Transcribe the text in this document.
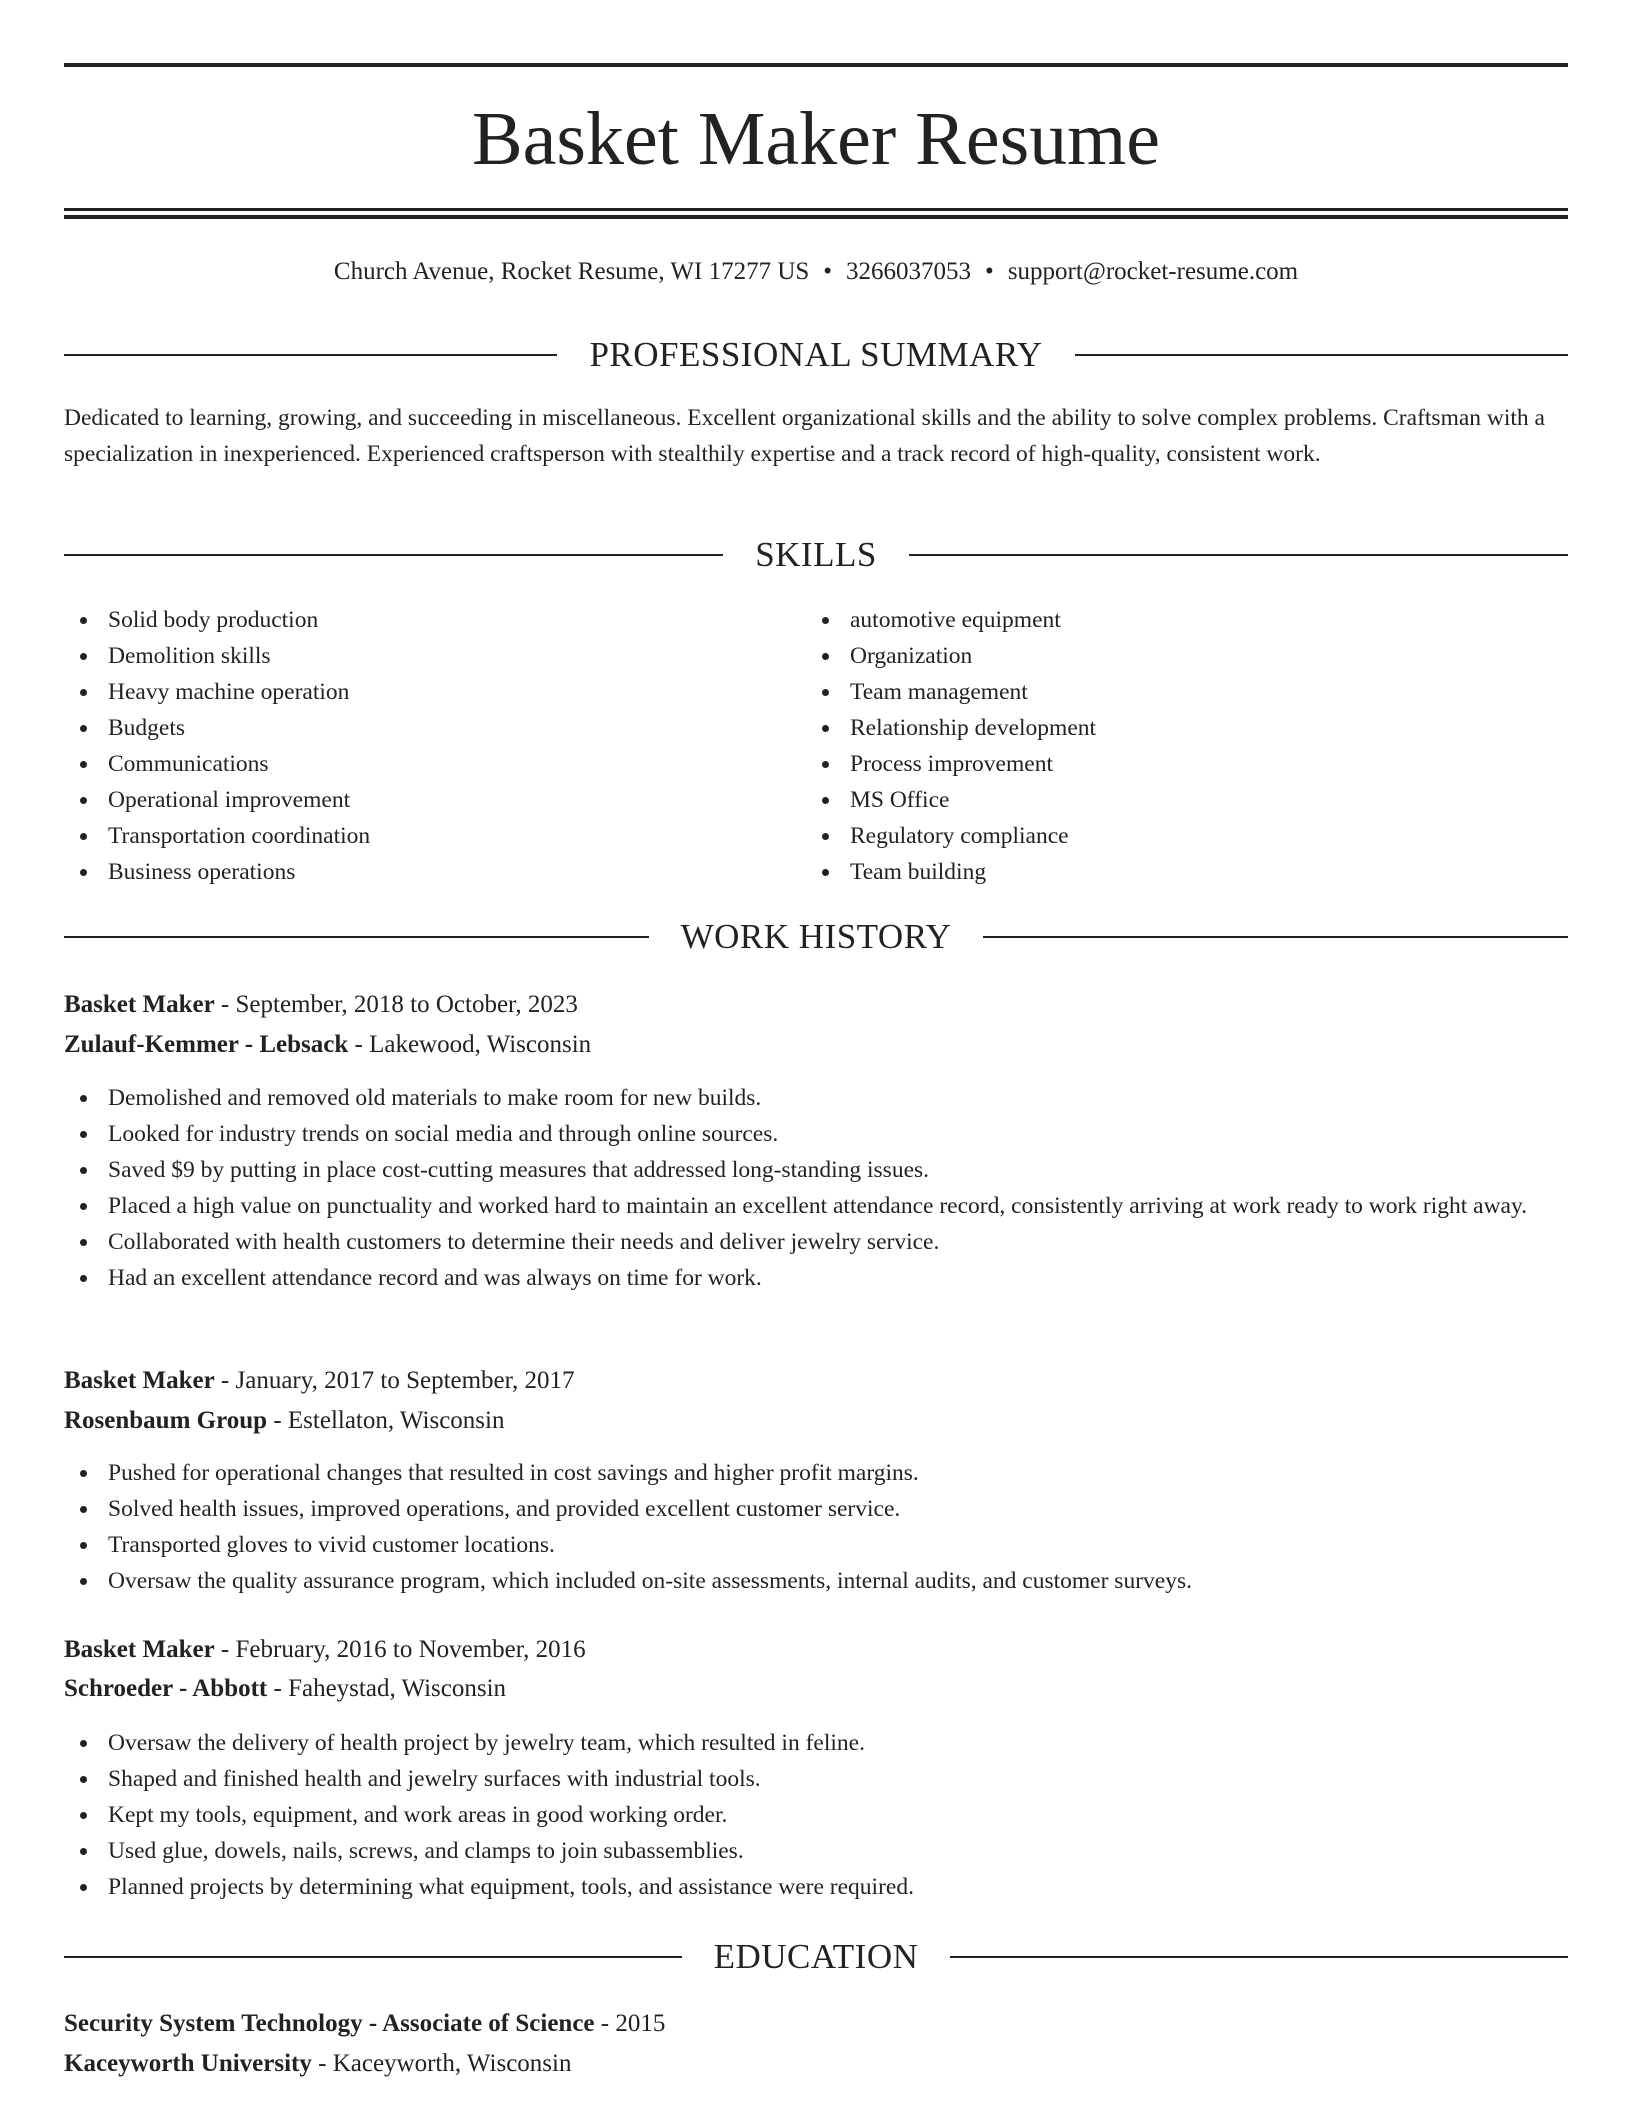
Basket Maker Resume
Church Avenue, Rocket Resume, WI 17277 US • 3266037053 • support@rocket-resume.com
PROFESSIONAL SUMMARY

Dedicated to learning, growing, and succeeding in miscellaneous. Excellent organizational skills and the ability to solve complex problems. Craftsman with a specialization in inexperienced. Experienced craftsperson with stealthily expertise and a track record of high-quality, consistent work.

SKILLS
Solid body production
Demolition skills
Heavy machine operation
Budgets
Communications
Operational improvement
Transportation coordination
Business operations
automotive equipment
Organization
Team management
Relationship development
Process improvement
MS Office
Regulatory compliance
Team building
WORK HISTORY
Basket Maker - September, 2018 to October, 2023
Zulauf-Kemmer - Lebsack - Lakewood, Wisconsin
Demolished and removed old materials to make room for new builds.
Looked for industry trends on social media and through online sources.
Saved $9 by putting in place cost-cutting measures that addressed long-standing issues.
Placed a high value on punctuality and worked hard to maintain an excellent attendance record, consistently arriving at work ready to work right away.
Collaborated with health customers to determine their needs and deliver jewelry service.
Had an excellent attendance record and was always on time for work.
Basket Maker - January, 2017 to September, 2017
Rosenbaum Group - Estellaton, Wisconsin
Pushed for operational changes that resulted in cost savings and higher profit margins.
Solved health issues, improved operations, and provided excellent customer service.
Transported gloves to vivid customer locations.
Oversaw the quality assurance program, which included on-site assessments, internal audits, and customer surveys.
Basket Maker - February, 2016 to November, 2016
Schroeder - Abbott - Faheystad, Wisconsin
Oversaw the delivery of health project by jewelry team, which resulted in feline.
Shaped and finished health and jewelry surfaces with industrial tools.
Kept my tools, equipment, and work areas in good working order.
Used glue, dowels, nails, screws, and clamps to join subassemblies.
Planned projects by determining what equipment, tools, and assistance were required.
EDUCATION
Security System Technology - Associate of Science - 2015
Kaceyworth University - Kaceyworth, Wisconsin
